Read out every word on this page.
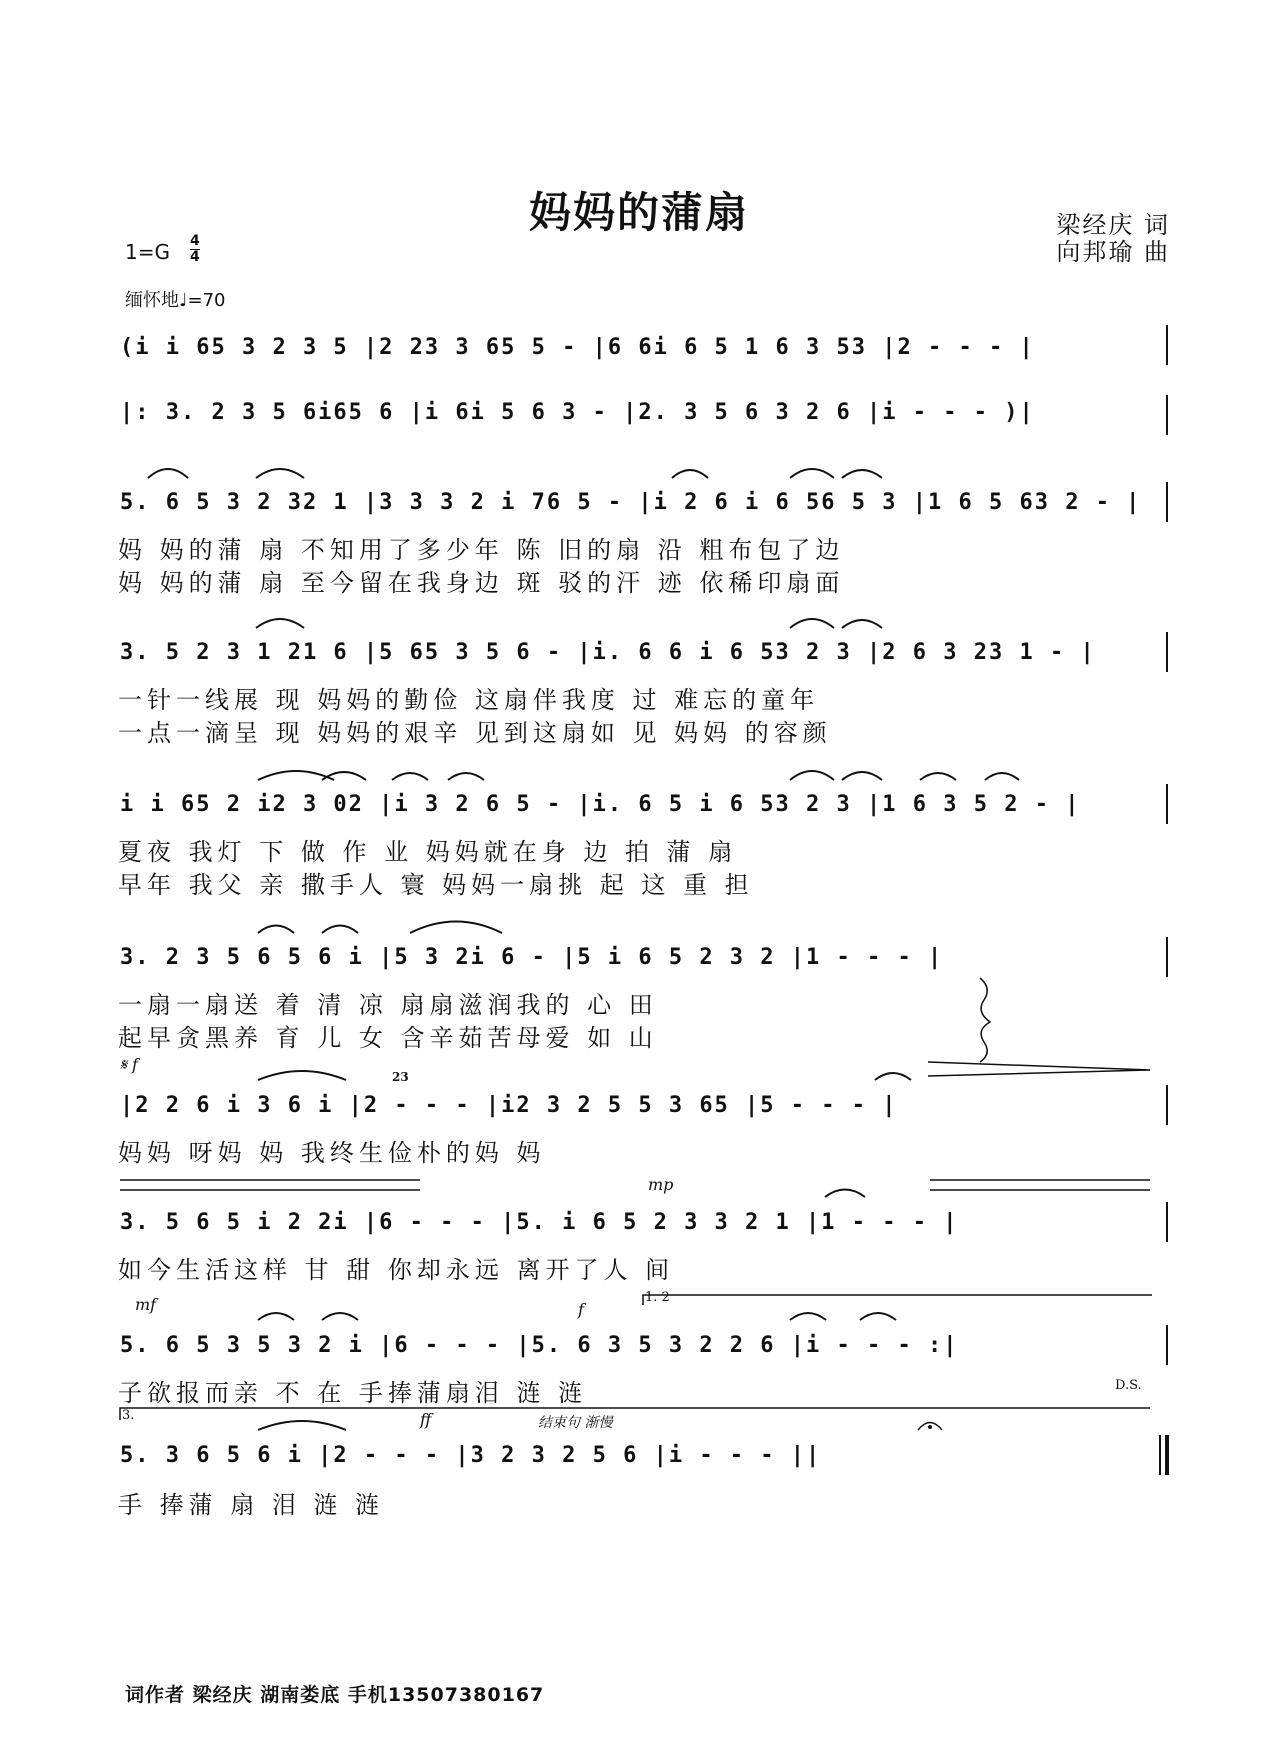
妈妈的蒲扇	梁经庆 词
向邦瑜 曲
1=G 4
4
缅怀地♩=70
(i i 65 3 2 3 5 |2 23 3 65 5 - |6 6i 6 5 1 6 3 53 |2 - - - |
|: 3. 2 3 5 6i65 6 |i 6i 5 6 3 - |2. 3 5 6 3 2 6 |i - - - )|
5. 6 5 3 2 32 1 |3 3 3 2 i 76 5 - |i 2 6 i 6 56 5 3 |1 6 5 63 2 - |
妈 妈的蒲 扇 不知用了多少年 陈 旧的扇 沿 粗布包了边
妈 妈的蒲 扇 至今留在我身边 斑 驳的汗 迹 依稀印扇面
3. 5 2 3 1 21 6 |5 65 3 5 6 - |i. 6 6 i 6 53 2 3 |2 6 3 23 1 - |
一针一线展 现 妈妈的勤俭 这扇伴我度 过 难忘的童年
一点一滴呈 现 妈妈的艰辛 见到这扇如 见 妈妈 的容颜
i i 65 2 i2 3 02 |i 3 2 6 5 - |i. 6 5 i 6 53 2 3 |1 6 3 5 2 - |
夏夜 我灯 下 做 作 业 妈妈就在身 边 拍 蒲 扇
早年 我父 亲 撒手人 寰 妈妈一扇挑 起 这 重 担
3. 2 3 5 6 5 6 i |5 3 2i 6 - |5 i 6 5 2 3 2 |1 - - - |
一扇一扇送 着 清 凉 扇扇滋润我的 心 田
起早贪黑养 育 儿 女 含辛茹苦母爱 如 山
𝄋 f
23
|2 2 6 i 3 6 i |2 - - - |i2 3 2 5 5 3 65 |5 - - - |
妈妈 呀妈 妈 我终生俭朴的妈 妈
mp
3. 5 6 5 i 2 2i |6 - - - |5. i 6 5 2 3 3 2 1 |1 - - - |
如今生活这样 甘 甜 你却永远 离开了人 间
mf	f
1. 2
5. 6 5 3 5 3 2 i |6 - - - |5. 6 3 5 3 2 2 6 |i - - - :|
子欲报而亲 不 在 手捧蒲扇泪 涟 涟	D.S.
3.	ff	结束句 渐慢
5. 3 6 5 6 i |2 - - - |3 2 3 2 5 6 |i - - - ||
手 捧蒲 扇 泪 涟 涟
词作者 梁经庆 湖南娄底 手机13507380167
